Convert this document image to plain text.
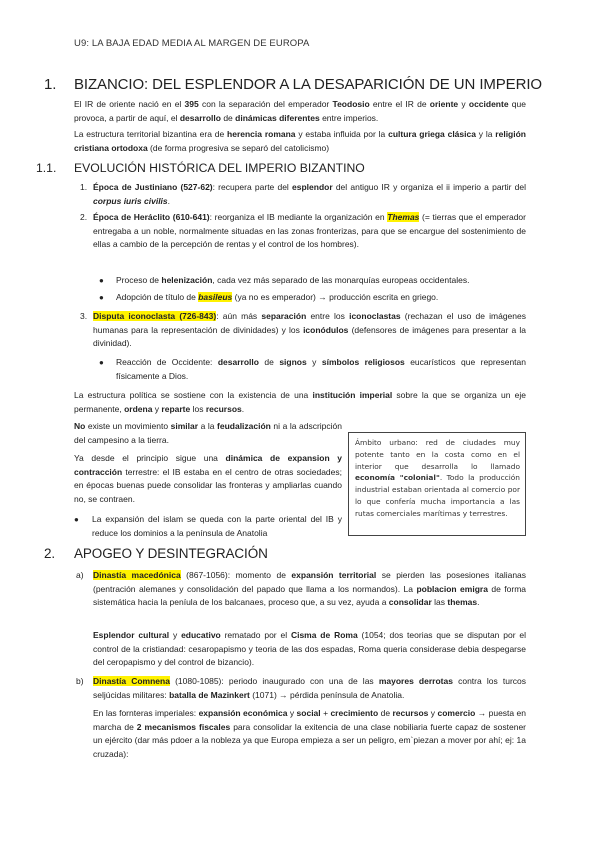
U9: LA BAJA EDAD MEDIA AL MARGEN DE EUROPA
1. BIZANCIO: DEL ESPLENDOR A LA DESAPARICIÓN DE UN IMPERIO
El IR de oriente nació en el 395 con la separación del emperador Teodosio entre el IR de oriente y occidente que provoca, a partir de aquí, el desarrollo de dinámicas diferentes entre imperios.
La estructura territorial bizantina era de herencia romana y estaba influida por la cultura griega clásica y la religión cristiana ortodoxa (de forma progresiva se separó del catolicismo)
1.1. EVOLUCIÓN HISTÓRICA DEL IMPERIO BIZANTINO
1. Época de Justiniano (527-62): recupera parte del esplendor del antiguo IR y organiza el ii imperio a partir del corpus iuris civilis.
2. Época de Heráclito (610-641): reorganiza el IB mediante la organización en Themas (= tierras que el emperador entregaba a un noble, normalmente situadas en las zonas fronterizas, para que se encargue del sostenimiento de ellas a cambio de la percepción de rentas y el control de los hombres).
● Proceso de helenización, cada vez más separado de las monarquías europeas occidentales.
● Adopción de título de basileus (ya no es emperador) → producción escrita en griego.
3. Disputa iconoclasta (726-843): aún más separación entre los iconoclastas (rechazan el uso de imágenes humanas para la representación de divinidades) y los iconódulos (defensores de imágenes para presentar a la divinidad).
● Reacción de Occidente: desarrollo de signos y símbolos religiosos eucarísticos que representan físicamente a Dios.
La estructura política se sostiene con la existencia de una institución imperial sobre la que se organiza un eje permanente, ordena y reparte los recursos.
No existe un movimiento similar a la feudalización ni a la adscripción del campesino a la tierra.
Ya desde el principio sigue una dinámica de expansion y contracción terrestre: el IB estaba en el centro de otras sociedades; en épocas buenas puede consolidar las fronteras y ampliarlas cuando no, se contraen.
● La expansión del islam se queda con la parte oriental del IB y reduce los dominios a la península de Anatolia
Ámbito urbano: red de ciudades muy potente tanto en la costa como en el interior que desarrolla lo llamado economía "colonial". Todo la producción industrial estaban orientada al comercio por lo que confería mucha importancia a las rutas comerciales marítimas y terrestres.
2. APOGEO Y DESINTEGRACIÓN
a) Dinastía macedónica (867-1056): momento de expansión territorial se pierden las posesiones italianas (pentración alemanes y consolidación del papado que llama a los normandos). La poblacion emigra de forma sistemática hacia la peníula de los balcanaes, proceso que, a su vez, ayuda a consolidar las themas.
Esplendor cultural y educativo rematado por el Cisma de Roma (1054; dos teorias que se disputan por el control de la cristiandad: cesaropapismo y teoria de las dos espadas, Roma queria considerase debia despegarse del ceropapismo y del control de bizancio).
b) Dinastía Comnena (1080-1085): periodo inaugurado con una de las mayores derrotas contra los turcos seljúcidas militares: batalla de Mazinkert (1071) → pérdida península de Anatolia.
En las fornteras imperiales: expansión económica y social + crecimiento de recursos y comercio → puesta en marcha de 2 mecanismos fiscales para consolidar la exitencia de una clase nobiliaria fuerte capaz de sostener un ejército (dar más pdoer a la nobleza ya que Europa empieza a ser un peligro, em`piezan a mover por ahí; ej: 1a cruzada):
